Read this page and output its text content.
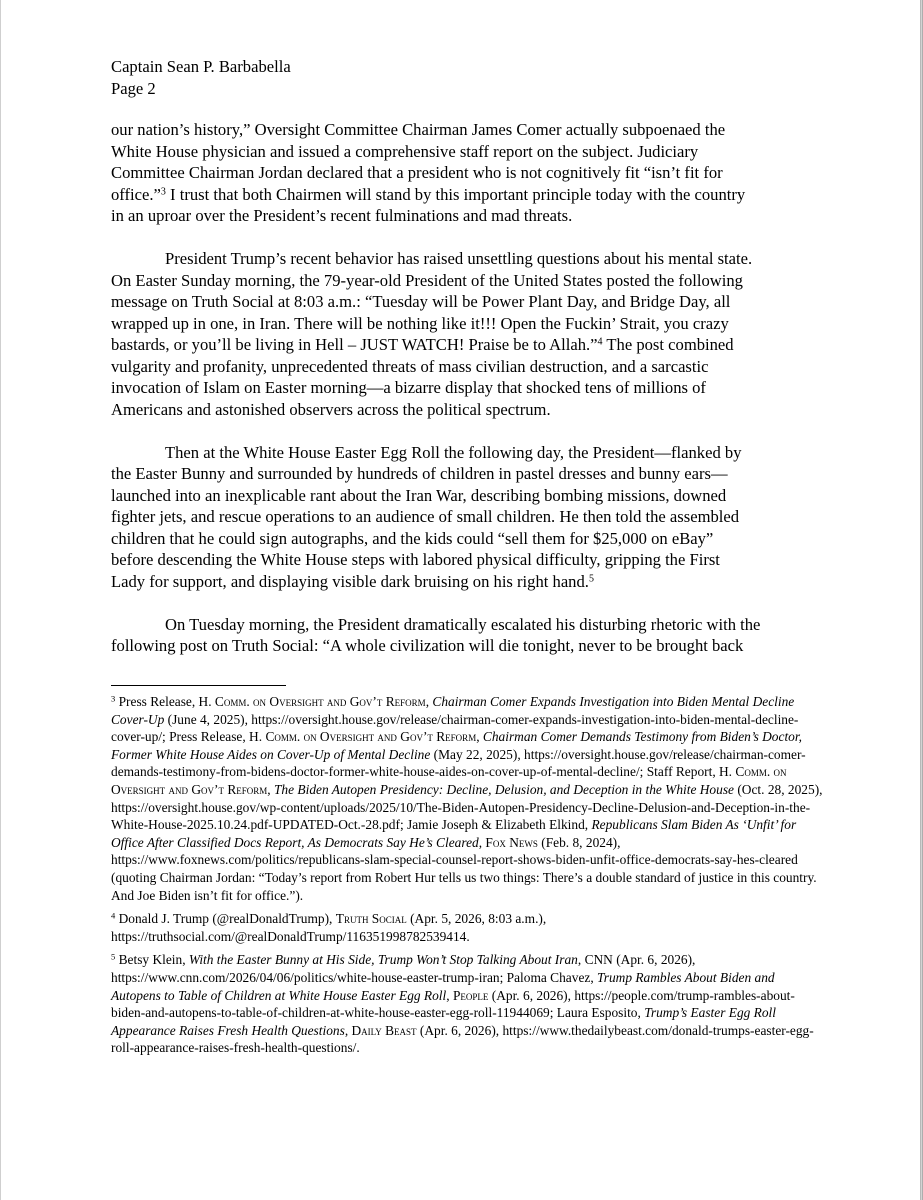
Captain Sean P. Barbabella
Page 2

our nation’s history,” Oversight Committee Chairman James Comer actually subpoenaed the
White House physician and issued a comprehensive staff report on the subject. Judiciary
Committee Chairman Jordan declared that a president who is not cognitively fit “isn’t fit for
office.”$^3$ I trust that both Chairmen will stand by this important principle today with the country
in an uproar over the President’s recent fulminations and mad threats.

President Trump’s recent behavior has raised unsettling questions about his mental state.
On Easter Sunday morning, the 79-year-old President of the United States posted the following
message on Truth Social at 8:03 a.m.: “Tuesday will be Power Plant Day, and Bridge Day, all
wrapped up in one, in Iran. There will be nothing like it!!! Open the Fuckin’ Strait, you crazy
bastards, or you’ll be living in Hell – JUST WATCH! Praise be to Allah.”$^4$ The post combined
vulgarity and profanity, unprecedented threats of mass civilian destruction, and a sarcastic
invocation of Islam on Easter morning—a bizarre display that shocked tens of millions of
Americans and astonished observers across the political spectrum.

Then at the White House Easter Egg Roll the following day, the President—flanked by
the Easter Bunny and surrounded by hundreds of children in pastel dresses and bunny ears—
launched into an inexplicable rant about the Iran War, describing bombing missions, downed
fighter jets, and rescue operations to an audience of small children. He then told the assembled
children that he could sign autographs, and the kids could “sell them for $25,000 on eBay”
before descending the White House steps with labored physical difficulty, gripping the First
Lady for support, and displaying visible dark bruising on his right hand.$^5$

On Tuesday morning, the President dramatically escalated his disturbing rhetoric with the
following post on Truth Social: “A whole civilization will die tonight, never to be brought back

$^3$ Press Release, H. Comm. on Oversight and Gov’t Reform, Chairman Comer Expands Investigation into Biden Mental Decline Cover-Up (June 4, 2025), https://oversight.house.gov/release/chairman-comer-expands-investigation-into-biden-mental-decline-cover-up/; Press Release, H. Comm. on Oversight and Gov’t Reform, Chairman Comer Demands Testimony from Biden’s Doctor, Former White House Aides on Cover-Up of Mental Decline (May 22, 2025), https://oversight.house.gov/release/chairman-comer-demands-testimony-from-bidens-doctor-former-white-house-aides-on-cover-up-of-mental-decline/; Staff Report, H. Comm. on Oversight and Gov’t Reform, The Biden Autopen Presidency: Decline, Delusion, and Deception in the White House (Oct. 28, 2025), https://oversight.house.gov/wp-content/uploads/2025/10/The-Biden-Autopen-Presidency-Decline-Delusion-and-Deception-in-the-White-House-2025.10.24.pdf-UPDATED-Oct.-28.pdf; Jamie Joseph & Elizabeth Elkind, Republicans Slam Biden As ‘Unfit’ for Office After Classified Docs Report, As Democrats Say He’s Cleared, Fox News (Feb. 8, 2024), https://www.foxnews.com/politics/republicans-slam-special-counsel-report-shows-biden-unfit-office-democrats-say-hes-cleared (quoting Chairman Jordan: “Today’s report from Robert Hur tells us two things: There’s a double standard of justice in this country. And Joe Biden isn’t fit for office.”).
$^4$ Donald J. Trump (@realDonaldTrump), Truth Social (Apr. 5, 2026, 8:03 a.m.), https://truthsocial.com/@realDonaldTrump/116351998782539414.
$^5$ Betsy Klein, With the Easter Bunny at His Side, Trump Won’t Stop Talking About Iran, CNN (Apr. 6, 2026), https://www.cnn.com/2026/04/06/politics/white-house-easter-trump-iran; Paloma Chavez, Trump Rambles About Biden and Autopens to Table of Children at White House Easter Egg Roll, People (Apr. 6, 2026), https://people.com/trump-rambles-about-biden-and-autopens-to-table-of-children-at-white-house-easter-egg-roll-11944069; Laura Esposito, Trump’s Easter Egg Roll Appearance Raises Fresh Health Questions, Daily Beast (Apr. 6, 2026), https://www.thedailybeast.com/donald-trumps-easter-egg-roll-appearance-raises-fresh-health-questions/.
